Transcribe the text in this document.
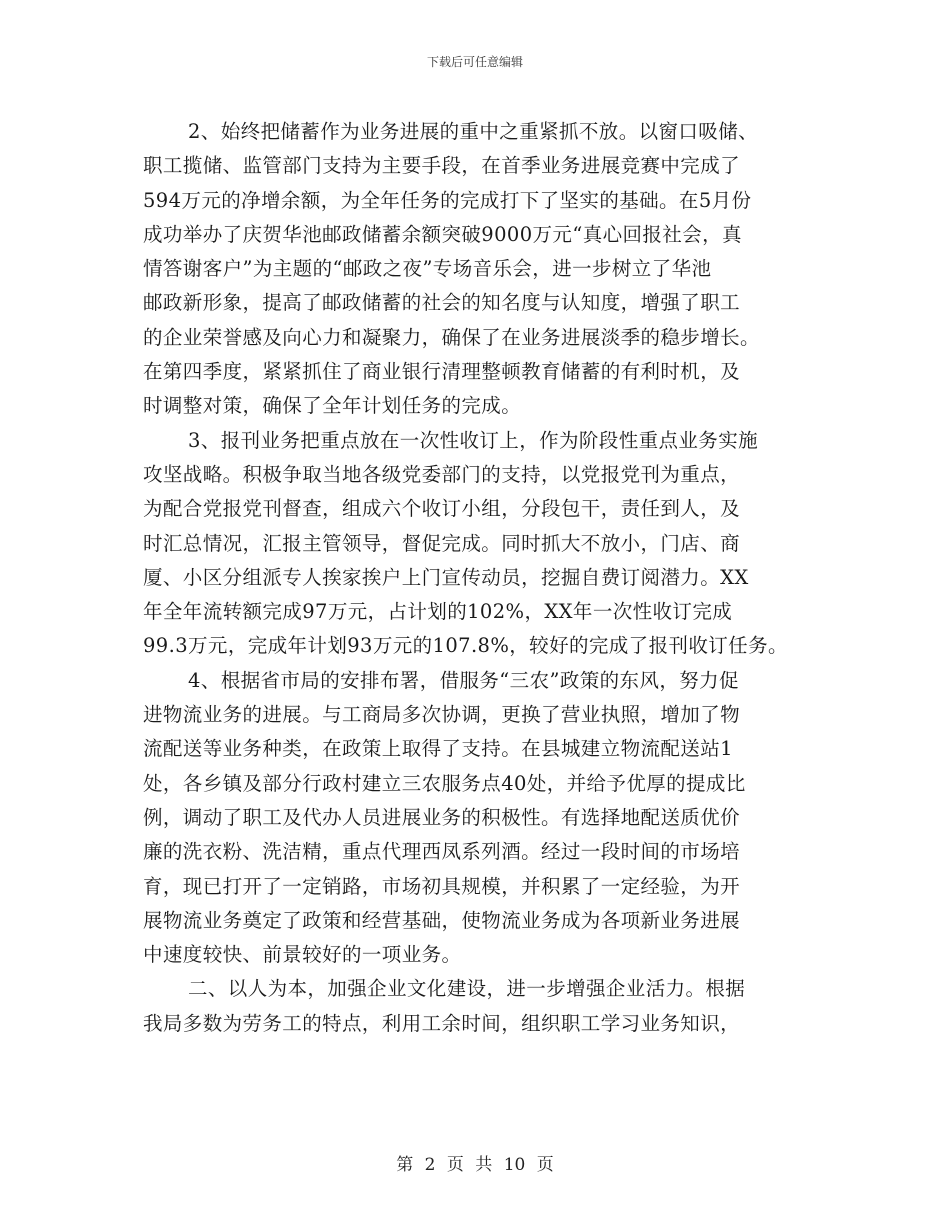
下载后可任意编辑
2、始终把储蓄作为业务进展的重中之重紧抓不放。以窗口吸储、
职工揽储、监管部门支持为主要手段，在首季业务进展竞赛中完成了
594万元的净增余额，为全年任务的完成打下了坚实的基础。在5月份
成功举办了庆贺华池邮政储蓄余额突破9000万元“真心回报社会，真
情答谢客户”为主题的“邮政之夜”专场音乐会，进一步树立了华池
邮政新形象，提高了邮政储蓄的社会的知名度与认知度，增强了职工
的企业荣誉感及向心力和凝聚力，确保了在业务进展淡季的稳步增长。
在第四季度，紧紧抓住了商业银行清理整顿教育储蓄的有利时机，及
时调整对策，确保了全年计划任务的完成。
3、报刊业务把重点放在一次性收订上，作为阶段性重点业务实施
攻坚战略。积极争取当地各级党委部门的支持，以党报党刊为重点，
为配合党报党刊督查，组成六个收订小组，分段包干，责任到人，及
时汇总情况，汇报主管领导，督促完成。同时抓大不放小，门店、商
厦、小区分组派专人挨家挨户上门宣传动员，挖掘自费订阅潜力。XX
年全年流转额完成97万元，占计划的102%，XX年一次性收订完成
99.3万元，完成年计划93万元的107.8%，较好的完成了报刊收订任务。
4、根据省市局的安排布署，借服务“三农”政策的东风，努力促
进物流业务的进展。与工商局多次协调，更换了营业执照，增加了物
流配送等业务种类，在政策上取得了支持。在县城建立物流配送站1
处，各乡镇及部分行政村建立三农服务点40处，并给予优厚的提成比
例，调动了职工及代办人员进展业务的积极性。有选择地配送质优价
廉的洗衣粉、洗洁精，重点代理西凤系列酒。经过一段时间的市场培
育，现已打开了一定销路，市场初具规模，并积累了一定经验，为开
展物流业务奠定了政策和经营基础，使物流业务成为各项新业务进展
中速度较快、前景较好的一项业务。
二、以人为本，加强企业文化建设，进一步增强企业活力。根据
我局多数为劳务工的特点，利用工余时间，组织职工学习业务知识，
第 2 页 共 10 页
